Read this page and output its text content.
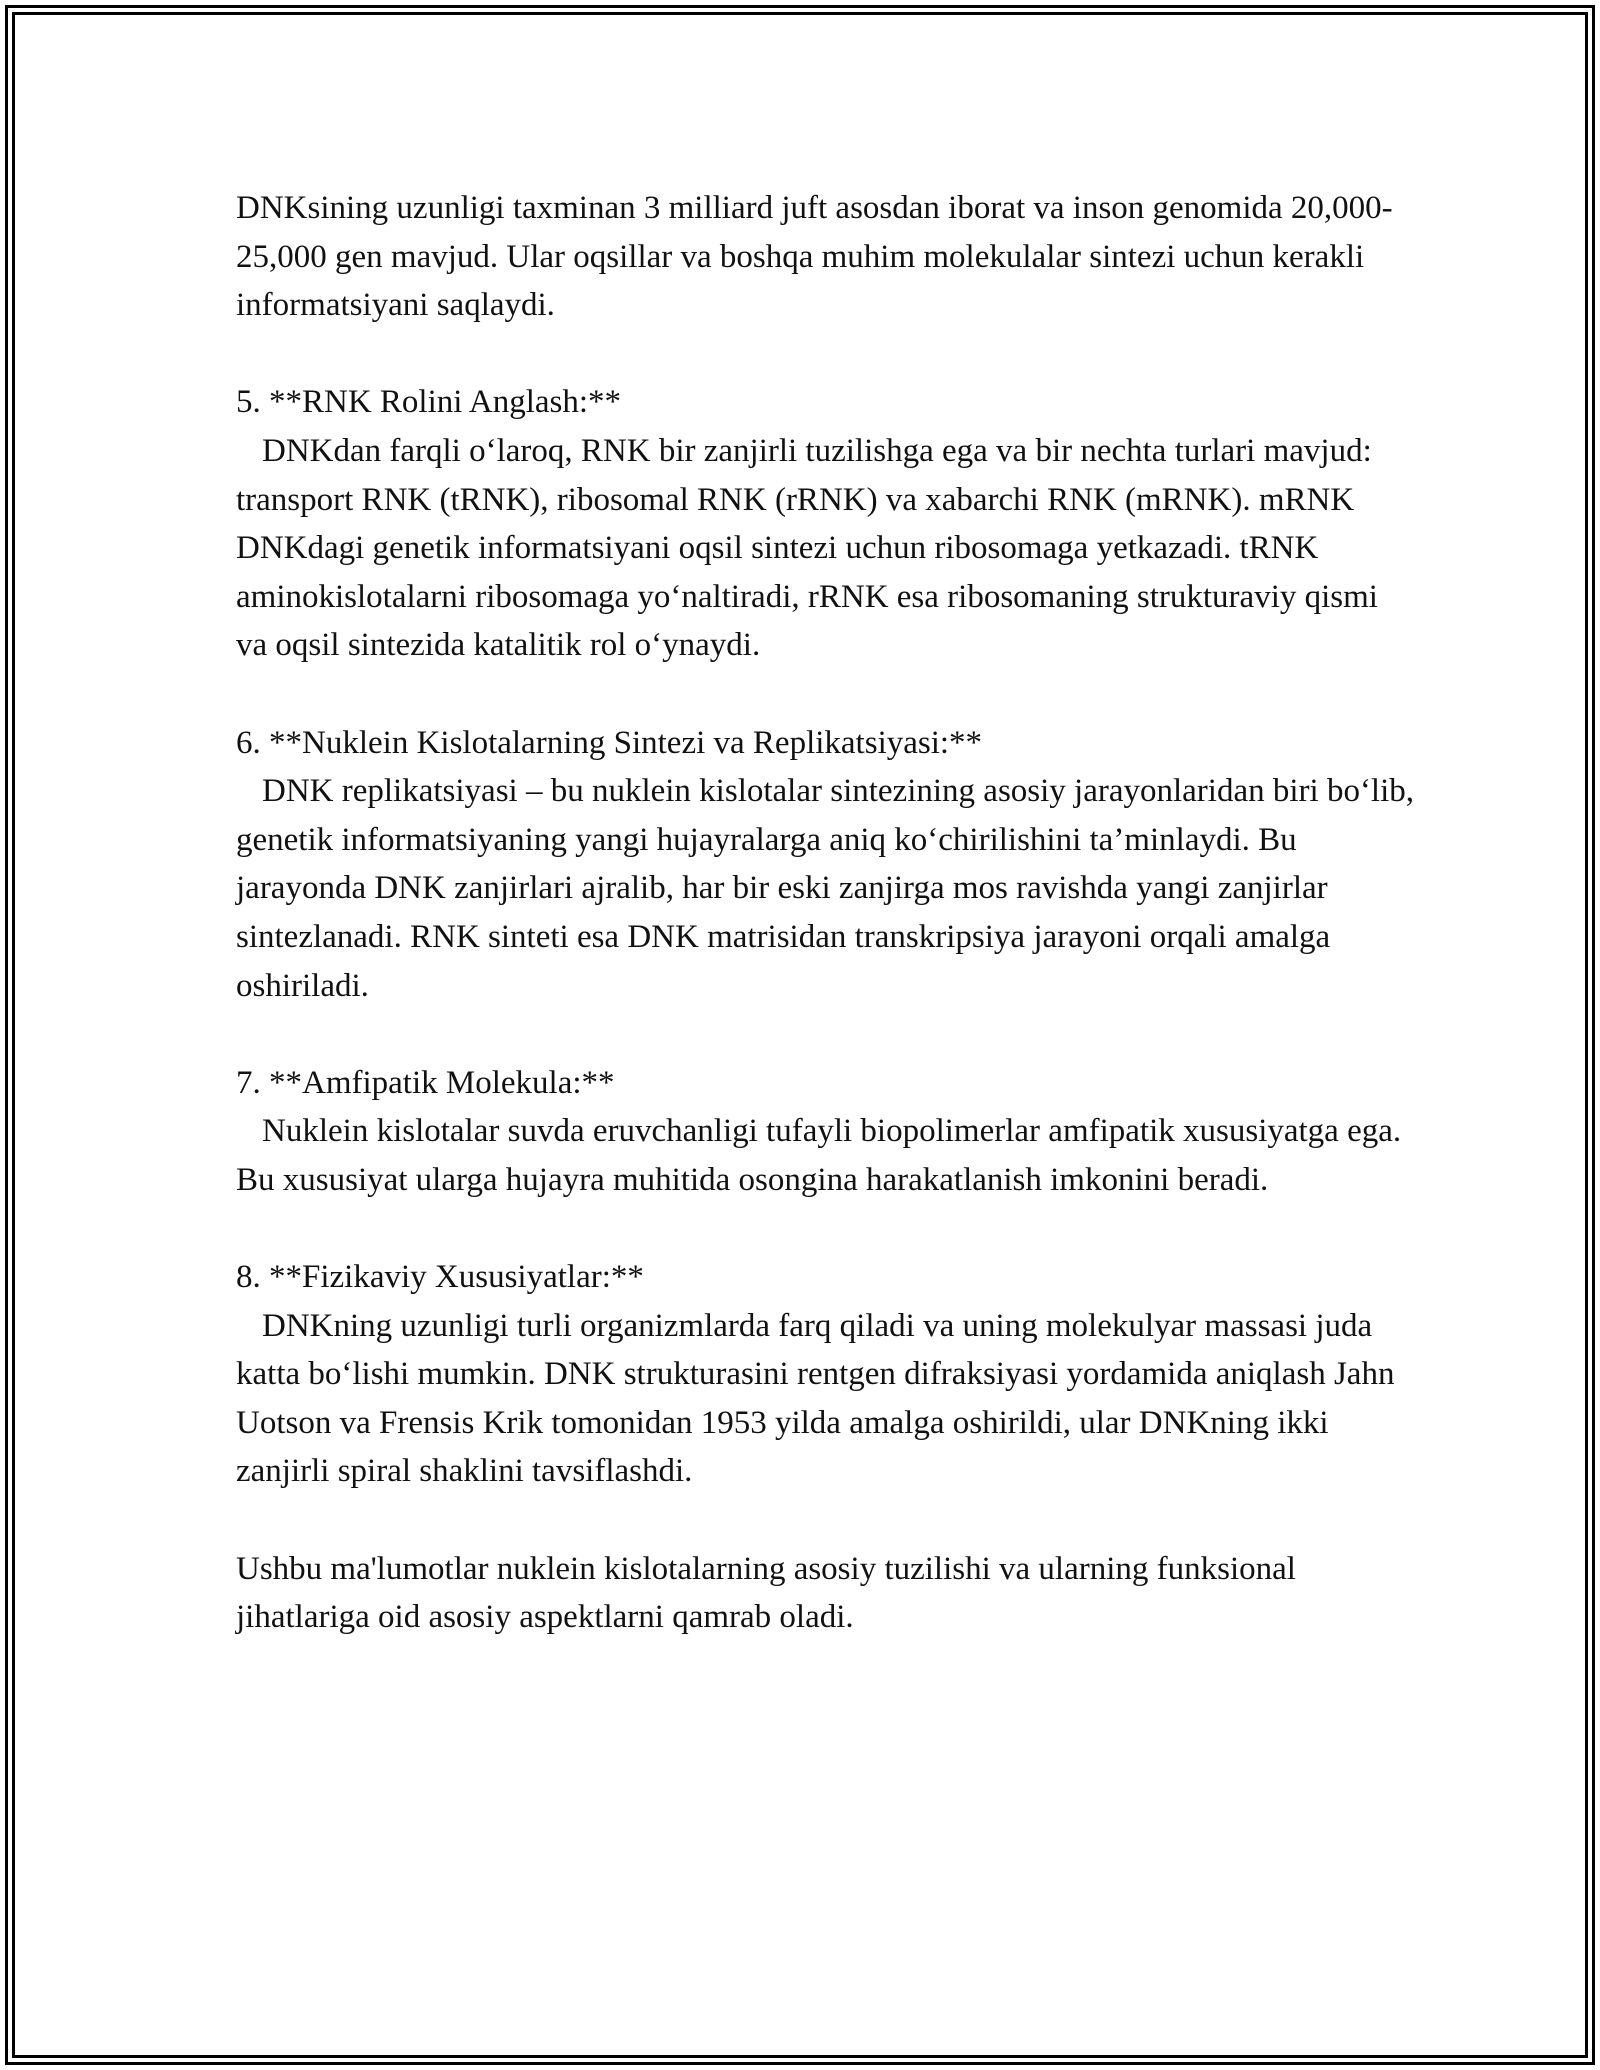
DNKsining uzunligi taxminan 3 milliard juft asosdan iborat va inson genomida 20,000-25,000 gen mavjud. Ular oqsillar va boshqa muhim molekulalar sintezi uchun kerakli informatsiyani saqlaydi.

5. **RNK Rolini Anglash:**

DNKdan farqli o‘laroq, RNK bir zanjirli tuzilishga ega va bir nechta turlari mavjud: transport RNK (tRNK), ribosomal RNK (rRNK) va xabarchi RNK (mRNK). mRNK DNKdagi genetik informatsiyani oqsil sintezi uchun ribosomaga yetkazadi. tRNK aminokislotalarni ribosomaga yo‘naltiradi, rRNK esa ribosomaning strukturaviy qismi va oqsil sintezida katalitik rol o‘ynaydi.

6. **Nuklein Kislotalarning Sintezi va Replikatsiyasi:**

DNK replikatsiyasi – bu nuklein kislotalar sintezining asosiy jarayonlaridan biri bo‘lib, genetik informatsiyaning yangi hujayralarga aniq ko‘chirilishini ta’minlaydi. Bu jarayonda DNK zanjirlari ajralib, har bir eski zanjirga mos ravishda yangi zanjirlar sintezlanadi. RNK sinteti esa DNK matrisidan transkripsiya jarayoni orqali amalga oshiriladi.

7. **Amfipatik Molekula:**

Nuklein kislotalar suvda eruvchanligi tufayli biopolimerlar amfipatik xususiyatga ega. Bu xususiyat ularga hujayra muhitida osongina harakatlanish imkonini beradi.

8. **Fizikaviy Xususiyatlar:**

DNKning uzunligi turli organizmlarda farq qiladi va uning molekulyar massasi juda katta bo‘lishi mumkin. DNK strukturasini rentgen difraksiyasi yordamida aniqlash Jahn Uotson va Frensis Krik tomonidan 1953 yilda amalga oshirildi, ular DNKning ikki zanjirli spiral shaklini tavsiflashdi.

Ushbu ma'lumotlar nuklein kislotalarning asosiy tuzilishi va ularning funksional jihatlariga oid asosiy aspektlarni qamrab oladi.
